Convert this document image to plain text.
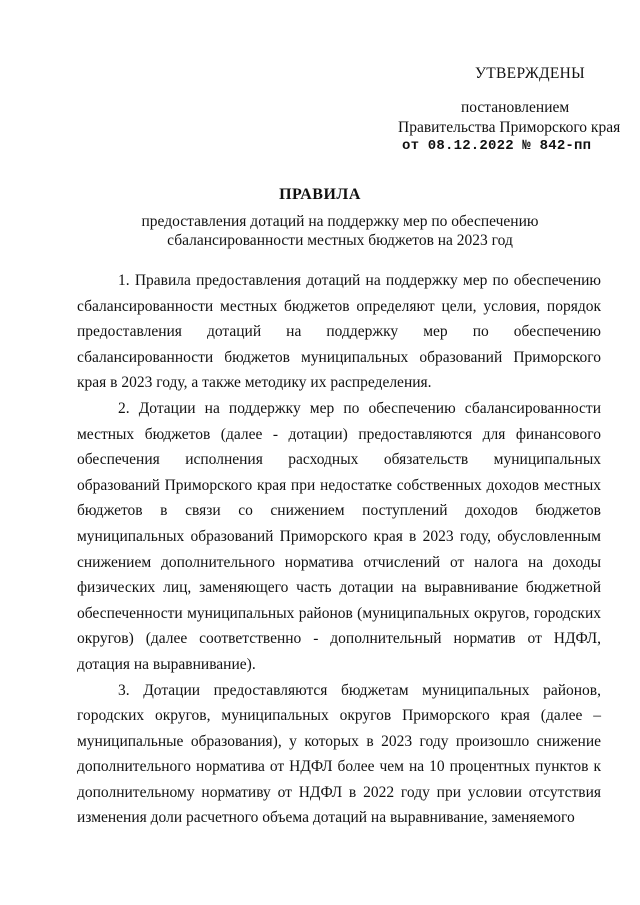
УТВЕРЖДЕНЫ
постановлением
Правительства Приморского края
от 08.12.2022 № 842-пп
ПРАВИЛА
предоставления дотаций на поддержку мер по обеспечению сбалансированности местных бюджетов на 2023 год

1. Правила предоставления дотаций на поддержку мер по обеспечению сбалансированности местных бюджетов определяют цели, условия, порядок предоставления дотаций на поддержку мер по обеспечению сбалансированности бюджетов муниципальных образований Приморского края в 2023 году, а также методику их распределения.

2. Дотации на поддержку мер по обеспечению сбалансированности местных бюджетов (далее - дотации) предоставляются для финансового обеспечения исполнения расходных обязательств муниципальных образований Приморского края при недостатке собственных доходов местных бюджетов в связи со снижением поступлений доходов бюджетов муниципальных образований Приморского края в 2023 году, обусловленным снижением дополнительного норматива отчислений от налога на доходы физических лиц, заменяющего часть дотации на выравнивание бюджетной обеспеченности муниципальных районов (муниципальных округов, городских округов) (далее соответственно - дополнительный норматив от НДФЛ, дотация на выравнивание).

3. Дотации предоставляются бюджетам муниципальных районов, городских округов, муниципальных округов Приморского края (далее – муниципальные образования), у которых в 2023 году произошло снижение дополнительного норматива от НДФЛ более чем на 10 процентных пунктов к дополнительному нормативу от НДФЛ в 2022 году при условии отсутствия изменения доли расчетного объема дотаций на выравнивание, заменяемого
